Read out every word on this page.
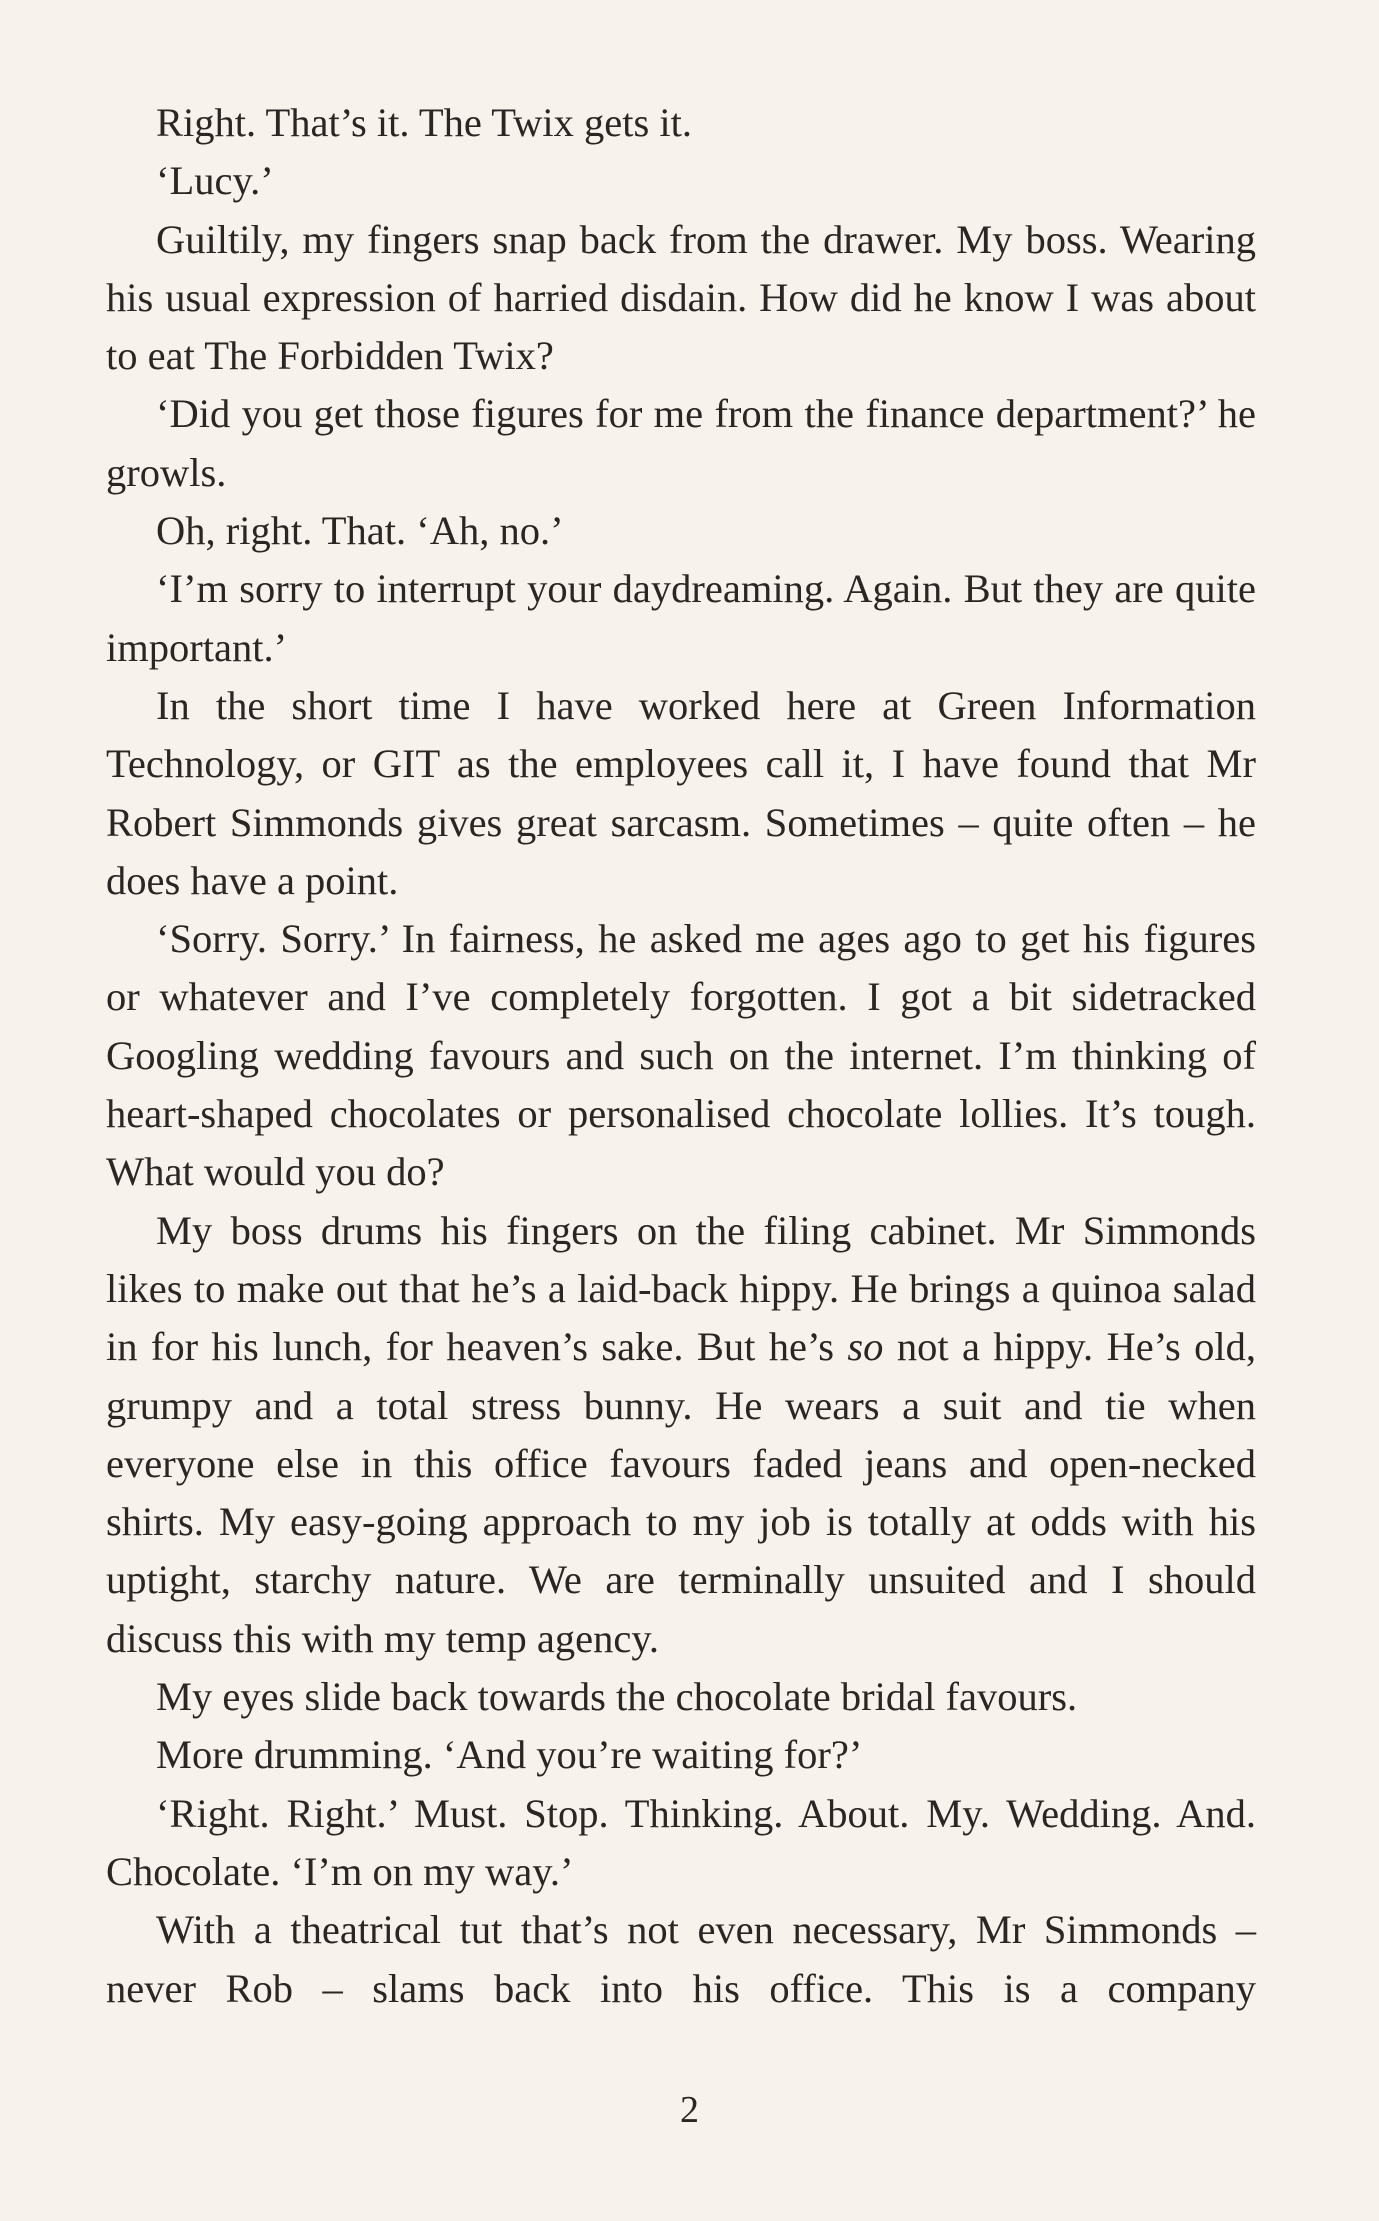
Right. That’s it. The Twix gets it.

‘Lucy.’

Guiltily, my fingers snap back from the drawer. My boss. Wearing his usual expression of harried disdain. How did he know I was about to eat The Forbidden Twix?

‘Did you get those figures for me from the finance department?’ he growls.

Oh, right. That. ‘Ah, no.’

‘I’m sorry to interrupt your daydreaming. Again. But they are quite important.’

In the short time I have worked here at Green Information Technology, or GIT as the employees call it, I have found that Mr Robert Simmonds gives great sarcasm. Sometimes – quite often – he does have a point.

‘Sorry. Sorry.’ In fairness, he asked me ages ago to get his figures or whatever and I’ve completely forgotten. I got a bit sidetracked Googling wedding favours and such on the internet. I’m thinking of heart-shaped chocolates or personalised chocolate lollies. It’s tough. What would you do?

My boss drums his fingers on the filing cabinet. Mr Simmonds likes to make out that he’s a laid-back hippy. He brings a quinoa salad in for his lunch, for heaven’s sake. But he’s so not a hippy. He’s old, grumpy and a total stress bunny. He wears a suit and tie when everyone else in this office favours faded jeans and open-necked shirts. My easy-going approach to my job is totally at odds with his uptight, starchy nature. We are terminally unsuited and I should discuss this with my temp agency.

My eyes slide back towards the chocolate bridal favours.

More drumming. ‘And you’re waiting for?’

‘Right. Right.’ Must. Stop. Thinking. About. My. Wedding. And. Chocolate. ‘I’m on my way.’

With a theatrical tut that’s not even necessary, Mr Simmonds – never Rob – slams back into his office. This is a company

2
